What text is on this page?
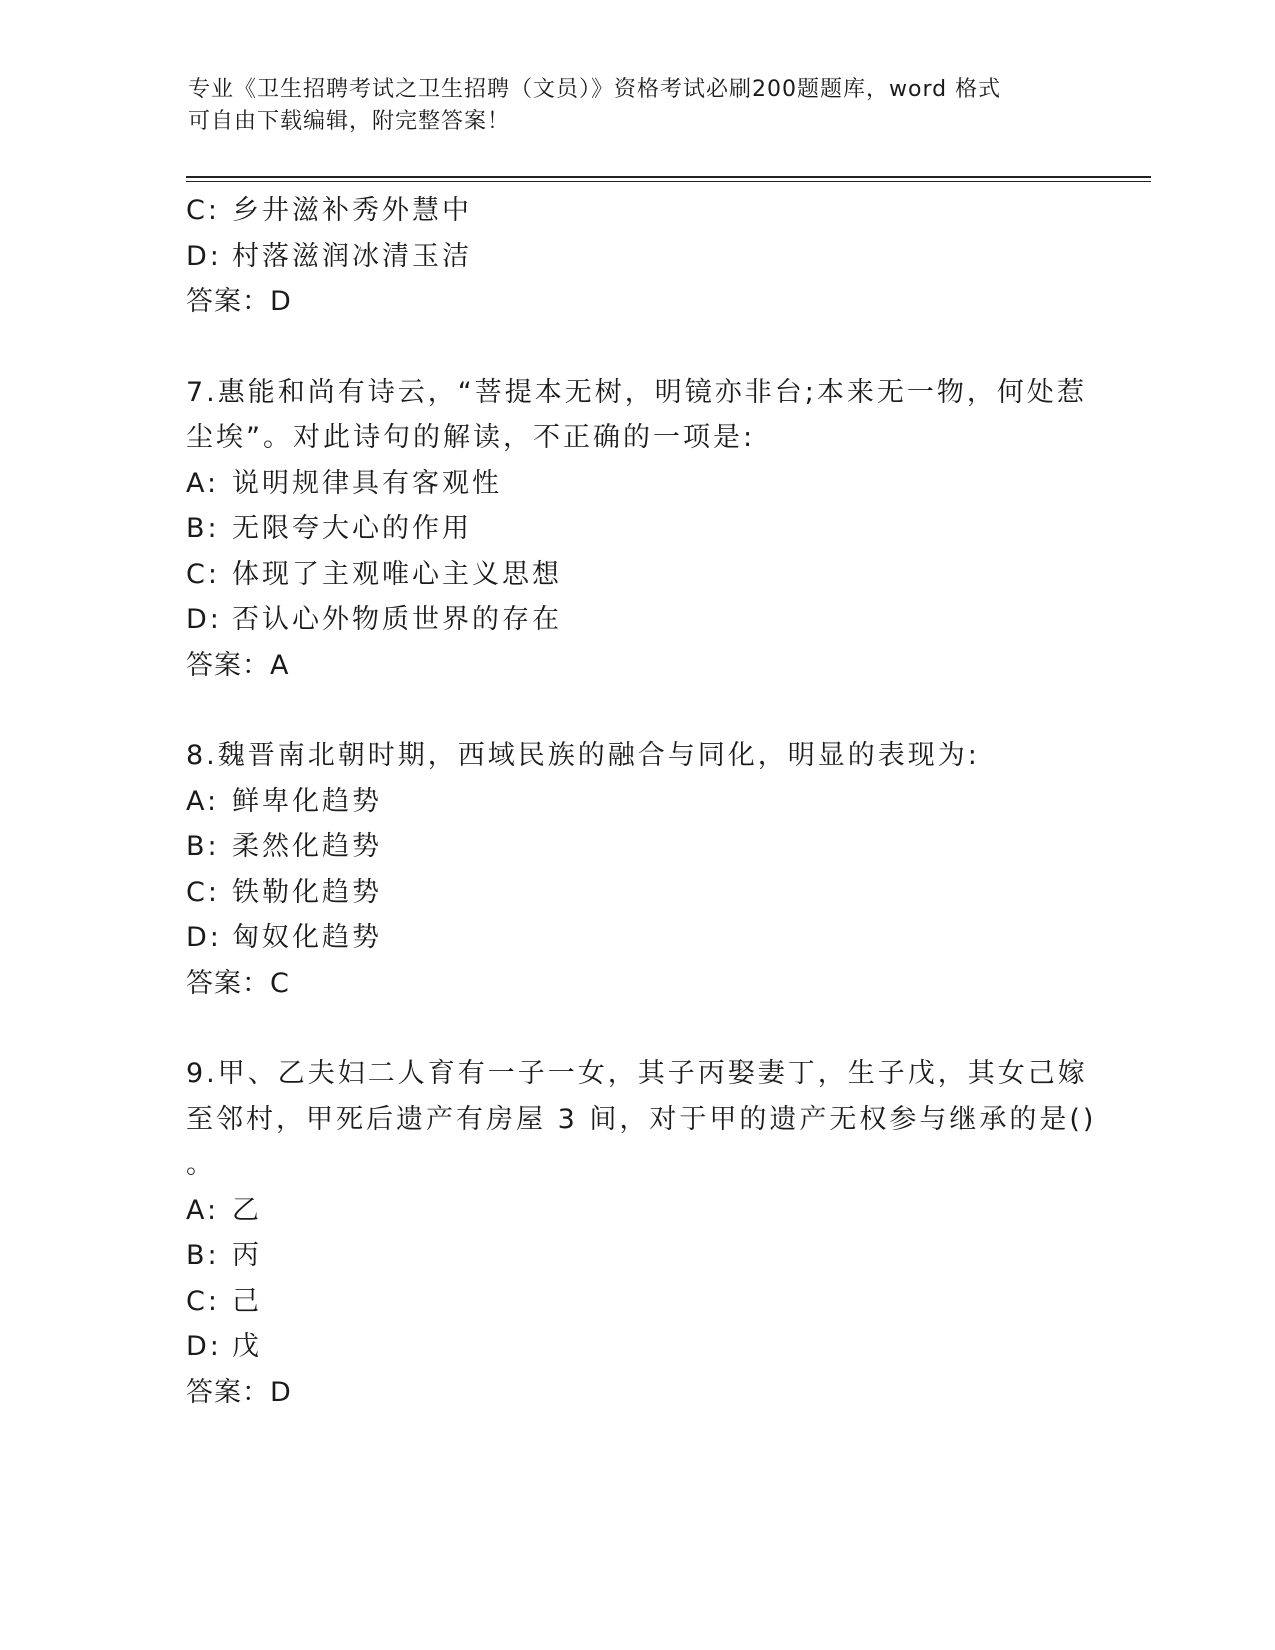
专业《卫生招聘考试之卫生招聘（文员）》资格考试必刷200题题库，word 格式
可自由下载编辑，附完整答案！
C: 乡井滋补秀外慧中
D: 村落滋润冰清玉洁
答案：D
7.惠能和尚有诗云，“菩提本无树，明镜亦非台;本来无一物，何处惹
尘埃”。对此诗句的解读，不正确的一项是:
A: 说明规律具有客观性
B: 无限夸大心的作用
C: 体现了主观唯心主义思想
D: 否认心外物质世界的存在
答案：A
8.魏晋南北朝时期，西域民族的融合与同化，明显的表现为:
A: 鲜卑化趋势
B: 柔然化趋势
C: 铁勒化趋势
D: 匈奴化趋势
答案：C
9.甲、乙夫妇二人育有一子一女，其子丙娶妻丁，生子戊，其女己嫁
至邻村，甲死后遗产有房屋 3 间，对于甲的遗产无权参与继承的是()
。
A: 乙
B: 丙
C: 己
D: 戊
答案：D
